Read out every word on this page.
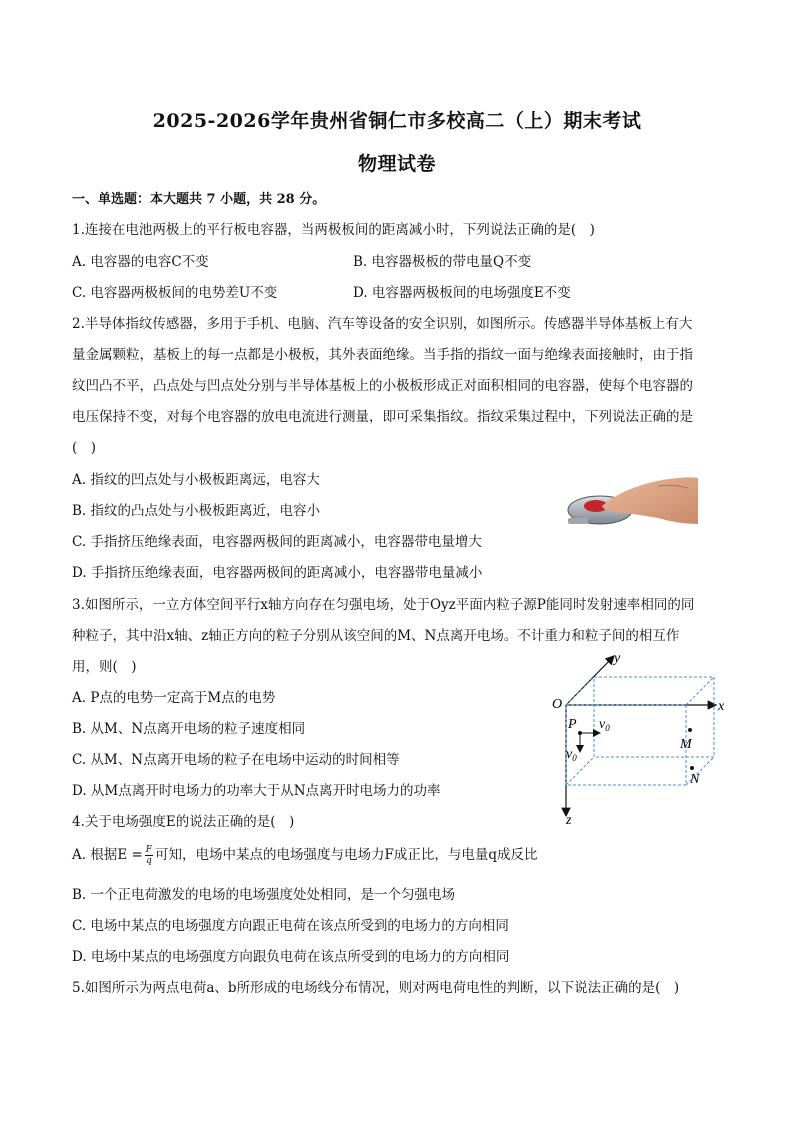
2025-2026学年贵州省铜仁市多校高二（上）期末考试
物理试卷
一、单选题：本大题共 7 小题，共 28 分。
1.连接在电池两极上的平行板电容器，当两极板间的距离减小时，下列说法正确的是(　)
A. 电容器的电容C不变	B. 电容器极板的带电量Q不变
C. 电容器两极板间的电势差U不变	D. 电容器两极板间的电场强度E不变
2.半导体指纹传感器，多用于手机、电脑、汽车等设备的安全识别，如图所示。传感器半导体基板上有大
量金属颗粒，基板上的每一点都是小极板，其外表面绝缘。当手指的指纹一面与绝缘表面接触时，由于指
纹凹凸不平，凸点处与凹点处分别与半导体基板上的小极板形成正对面积相同的电容器，使每个电容器的
电压保持不变，对每个电容器的放电电流进行测量，即可采集指纹。指纹采集过程中，下列说法正确的是
(　)
A. 指纹的凹点处与小极板距离远，电容大
B. 指纹的凸点处与小极板距离近，电容小
C. 手指挤压绝缘表面，电容器两极间的距离减小，电容器带电量增大
D. 手指挤压绝缘表面，电容器两极间的距离减小，电容器带电量减小
3.如图所示，一立方体空间平行x轴方向存在匀强电场，处于Oyz平面内粒子源P能同时发射速率相同的同
种粒子，其中沿x轴、z轴正方向的粒子分别从该空间的M、N点离开电场。不计重力和粒子间的相互作
用，则(　)
A. P点的电势一定高于M点的电势
B. 从M、N点离开电场的粒子速度相同
C. 从M、N点离开电场的粒子在电场中运动的时间相等
D. 从M点离开时电场力的功率大于从N点离开时电场力的功率
y
x
z
O
P $v_0$
$v_0$
M
N
4.关于电场强度E的说法正确的是(　)
A. 根据$E = \frac{F}{q}$ 可知，电场中某点的电场强度与电场力F成正比，与电量q成反比
B. 一个正电荷激发的电场的电场强度处处相同，是一个匀强电场
C. 电场中某点的电场强度方向跟正电荷在该点所受到的电场力的方向相同
D. 电场中某点的电场强度方向跟负电荷在该点所受到的电场力的方向相同
5.如图所示为两点电荷a、b所形成的电场线分布情况，则对两电荷电性的判断，以下说法正确的是(　)
